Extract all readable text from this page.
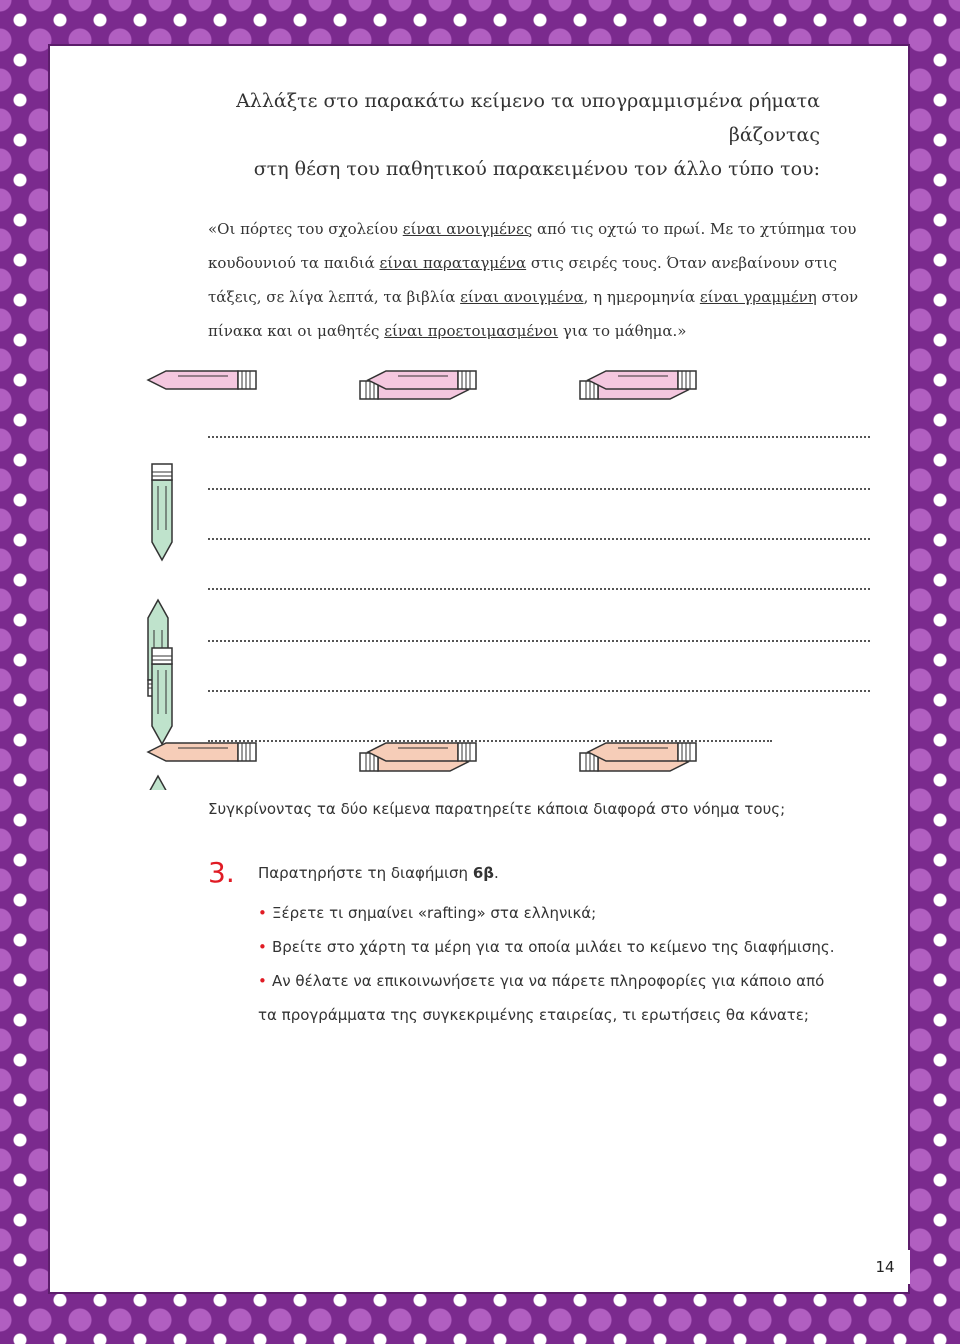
Αλλάξτε στο παρακάτω κείμενο τα υπογραμμισμένα ρήματα βάζοντας
στη θέση του παθητικού παρακειμένου τον άλλο τύπο του:
«Οι πόρτες του σχολείου είναι ανοιγμένες από τις οχτώ το πρωί. Με το χτύπημα του κουδουνιού τα παιδιά είναι παραταγμένα στις σειρές τους. Όταν ανεβαίνουν στις τάξεις, σε λίγα λεπτά, τα βιβλία είναι ανοιγμένα, η ημερομηνία είναι γραμμένη στον πίνακα και οι μαθητές είναι προετοιμασμένοι για το μάθημα.»
Συγκρίνοντας τα δύο κείμενα παρατηρείτε κάποια διαφορά στο νόημα τους;
3. Παρατηρήστε τη διαφήμιση 6β.
• Ξέρετε τι σημαίνει «rafting» στα ελληνικά;
• Βρείτε στο χάρτη τα μέρη για τα οποία μιλάει το κείμενο της διαφήμισης.
• Αν θέλατε να επικοινωνήσετε για να πάρετε πληροφορίες για κάποιο από
τα προγράμματα της συγκεκριμένης εταιρείας, τι ερωτήσεις θα κάνατε;
14
